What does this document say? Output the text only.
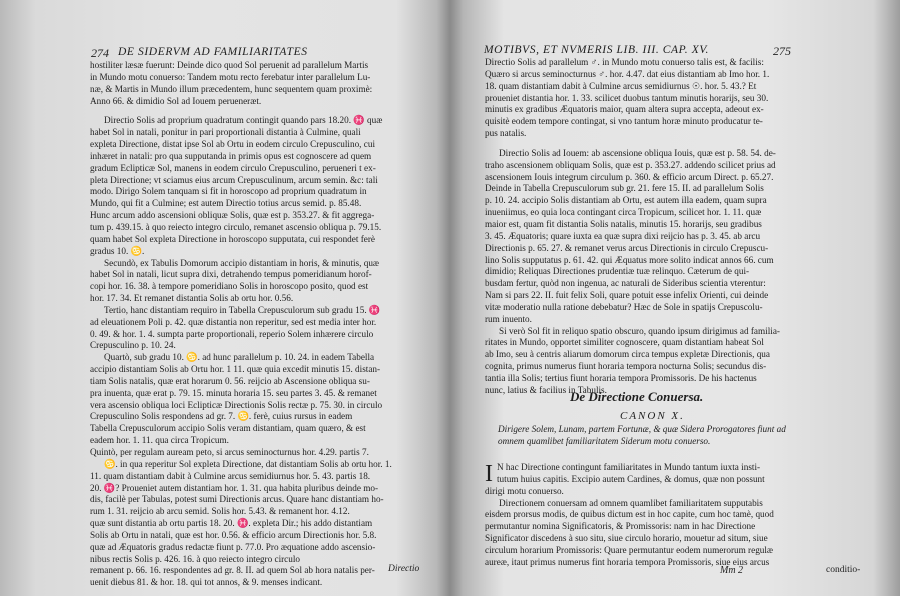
274 DE SIDERVM AD FAMILIARITATES
hostiliter læsæ fuerunt: Deinde dico quod Sol peruenit ad parallelum Martis
in Mundo motu conuerso: Tandem motu recto ferebatur inter parallelum Lu-
næ, & Martis in Mundo illum præcedentem, hunc sequentem quam proximè:
Anno 66. & dimidio Sol ad Iouem perueneræt.
Directio Solis ad proprium quadratum contingit quando pars 18.20. ♓ quæ
habet Sol in natali, ponitur in pari proportionali distantia à Culmine, quali
expleta Directione, distat ipse Sol ab Ortu in eodem circulo Crepusculino, cui
inhæret in natali: pro qua supputanda in primis opus est cognoscere ad quem
gradum Eclipticæ Sol, manens in eodem circulo Crepusculino, perueneri t ex-
pleta Directione; vt sciamus eius arcum Crepusculinum, arcum semin. &c: tali
modo. Dirigo Solem tanquam si fit in horoscopo ad proprium quadratum in
Mundo, qui fit a Culmine; est autem Directio totius arcus semid. p. 85.48.
Hunc arcum addo ascensioni obliquæ Solis, quæ est p. 353.27. & fit aggrega-
tum p. 439.15. à quo reiecto integro circulo, remanet ascensio obliqua p. 79.15.
quam habet Sol expleta Directione in horoscopo supputata, cui respondet ferè
gradus 10. ♋.
Secundò, ex Tabulis Domorum accipio distantiam in horis, & minutis, quæ
habet Sol in natali, licut supra dixi, detrahendo tempus pomeridianum horof-
copi hor. 16. 38. à tempore pomeridiano Solis in horoscopo posito, quod est
hor. 17. 34. Et remanet distantia Solis ab ortu hor. 0.56.
Tertio, hanc distantiam requiro in Tabella Crepusculorum sub gradu 15. ♓
ad eleuationem Poli p. 42. quæ distantia non reperitur, sed est media inter hor.
0. 49. & hor. 1. 4. sumpta parte proportionali, reperio Solem inhærere circulo
Crepusculino p. 10. 24.
Quartò, sub gradu 10. ♋. ad hunc parallelum p. 10. 24. in eadem Tabella
accipio distantiam Solis ab Ortu hor. 1 11. quæ quia excedit minutis 15. distan-
tiam Solis natalis, quæ erat horarum 0. 56. reijcio ab Ascensione obliqua su-
pra inuenta, quæ erat p. 79. 15. minuta horaria 15. seu partes 3. 45. & remanet
vera ascensio obliqua loci Eclipticæ Directionis Solis rectæ p. 75. 30. in circulo
Crepusculino Solis respondens ad gr. 7. ♋. ferè, cuius rursus in eadem
Tabella Crepusculorum accipio Solis veram distantiam, quam quæro, & est
eadem hor. 1. 11. qua circa Tropicum.
Quintò, per regulam auream peto, si arcus seminocturnus hor. 4.29. partis 7.
♋. in qua reperitur Sol expleta Directione, dat distantiam Solis ab ortu hor. 1.
11. quam distantiam dabit à Culmine arcus semidiurnus hor. 5. 43. partis 18.
20. ♓? Proueniet autem distantiam hor. 1. 31. qua habita pluribus deinde mo-
dis, facilè per Tabulas, potest sumi Directionis arcus. Quare hanc distantiam ho-
rum 1. 31. reijcio ab arcu semid. Solis hor. 5.43. & remanent hor. 4.12.
quæ sunt distantia ab ortu partis 18. 20. ♓. expleta Dir.; his addo distantiam
Solis ab Ortu in natali, quæ est hor. 0.56. & efficio arcum Directionis hor. 5.8.
quæ ad Æquatoris gradus redactæ fiunt p. 77.0. Pro æquatione addo ascensio-
nibus rectis Solis p. 426. 16. à quo reiecto integro circulo
remanent p. 66. 16. respondentes ad gr. 8. II. ad quem Sol ab hora natalis per-
uenit diebus 81. & hor. 18. qui tot annos, & 9. menses indicant.
Directio
MOTIBVS, ET NVMERIS LIB. III. CAP. XV.	275
Directio Solis ad parallelum ♂. in Mundo motu conuerso talis est, & facilis:
Quæro si arcus seminocturnus ♂. hor. 4.47. dat eius distantiam ab Imo hor. 1.
18. quam distantiam dabit à Culmine arcus semidiurnus ☉. hor. 5. 43.? Et
proueniet distantia hor. 1. 33. scilicet duobus tantum minutis horarijs, seu 30.
minutis ex gradibus Æquatoris maior, quam altera supra accepta, adeout ex-
quisitè eodem tempore contingat, si vno tantum horæ minuto producatur te-
pus natalis.
Directio Solis ad Iouem: ab ascensione obliqua Iouis, quæ est p. 58. 54. de-
traho ascensionem obliquam Solis, quæ est p. 353.27. addendo scilicet prius ad
ascensionem Iouis integrum circulum p. 360. & efficio arcum Direct. p. 65.27.
Deinde in Tabella Crepusculorum sub gr. 21. fere 15. II. ad parallelum Solis
p. 10. 24. accipio Solis distantiam ab Ortu, est autem illa eadem, quam supra
inueniimus, eo quia loca contingant circa Tropicum, scilicet hor. 1. 11. quæ
maior est, quam fit distantia Solis natalis, minutis 15. horarijs, seu gradibus
3. 45. Æquatoris; quare iuxta ea quæ supra dixi reijcio has p. 3. 45. ab arcu
Directionis p. 65. 27. & remanet verus arcus Directionis in circulo Crepuscu-
lino Solis supputatus p. 61. 42. qui Æquatus more solito indicat annos 66. cum
dimidio; Reliquas Directiones prudentiæ tuæ relinquo. Cæterum de qui-
busdam fertur, quòd non ingenua, ac naturali de Sideribus scientia vterentur:
Nam si pars 22. II. fuit felix Soli, quare potuit esse infelix Orienti, cui deinde
vitæ moderatio nulla ratione debebatur? Hæc de Sole in spatijs Crepuscolu-
rum inuento.
Si verò Sol fit in reliquo spatio obscuro, quando ipsum dirigimus ad familia-
ritates in Mundo, opportet similiter cognoscere, quam distantiam habeat Sol
ab Imo, seu à centris aliarum domorum circa tempus expletæ Directionis, qua
cognita, primus numerus fiunt horaria tempora nocturna Solis; secundus dis-
tantia illa Solis; tertius fiunt horaria tempora Promissoris. De his hactenus
nunc, latius & facilius in Tabulis.
De Directione Conuersa.
CANON X.
Dirigere Solem, Lunam, partem Fortunæ, & quæ Sidera Prorogatores fiunt ad
omnem quamlibet familiaritatem Siderum motu conuerso.
I N hac Directione contingunt familiaritates in Mundo tantum iuxta insti-
tutum huius capitis. Excipio autem Cardines, & domus, quæ non possunt
dirigi motu conuerso.
Directionem conuersam ad omnem quamlibet familiaritatem supputabis
eisdem prorsus modis, de quibus dictum est in hoc capite, cum hoc tamè, quod
permutantur nomina Significatoris, & Promissoris: nam in hac Directione
Significator discedens à suo situ, siue circulo horario, mouetur ad situm, siue
circulum horarium Promissoris: Quare permutantur eodem numerorum regulæ
aureæ, itaut primus numerus fint horaria tempora Promissoris, siue eius arcus
Mm 2	conditio-
